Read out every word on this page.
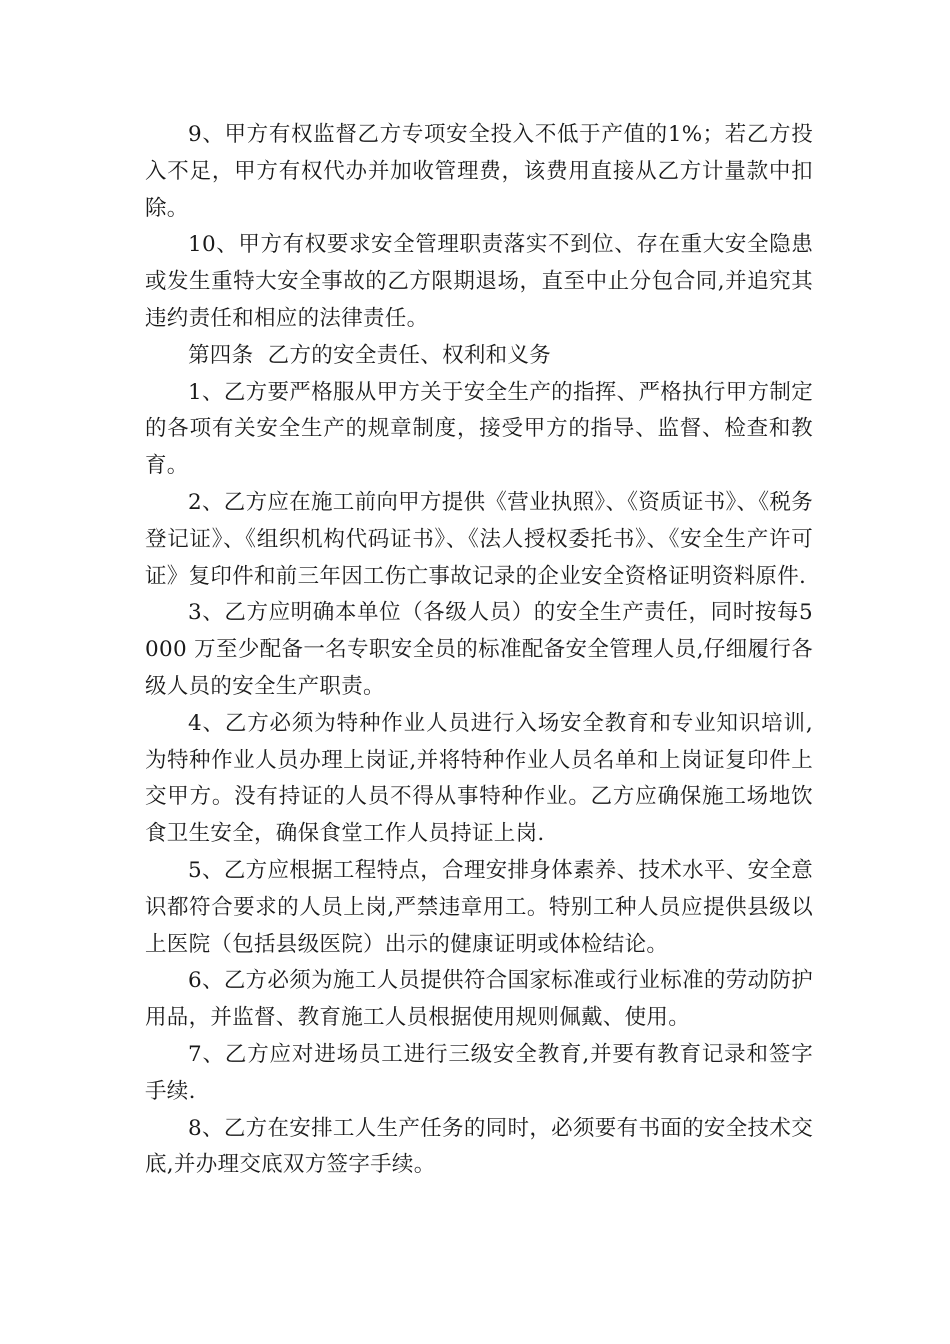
9、甲方有权监督乙方专项安全投入不低于产值的1%；若乙方投入不足，甲方有权代办并加收管理费，该费用直接从乙方计量款中扣除。

10、甲方有权要求安全管理职责落实不到位、存在重大安全隐患或发生重特大安全事故的乙方限期退场，直至中止分包合同,并追究其违约责任和相应的法律责任。

第四条  乙方的安全责任、权利和义务

1、乙方要严格服从甲方关于安全生产的指挥、严格执行甲方制定的各项有关安全生产的规章制度，接受甲方的指导、监督、检查和教育。

2、乙方应在施工前向甲方提供《营业执照》、《资质证书》、《税务登记证》、《组织机构代码证书》、《法人授权委托书》、《安全生产许可证》复印件和前三年因工伤亡事故记录的企业安全资格证明资料原件.

3、乙方应明确本单位（各级人员）的安全生产责任，同时按每5000 万至少配备一名专职安全员的标准配备安全管理人员,仔细履行各级人员的安全生产职责。

4、乙方必须为特种作业人员进行入场安全教育和专业知识培训,为特种作业人员办理上岗证,并将特种作业人员名单和上岗证复印件上交甲方。没有持证的人员不得从事特种作业。乙方应确保施工场地饮食卫生安全，确保食堂工作人员持证上岗.

5、乙方应根据工程特点，合理安排身体素养、技术水平、安全意识都符合要求的人员上岗,严禁违章用工。特别工种人员应提供县级以上医院（包括县级医院）出示的健康证明或体检结论。

6、乙方必须为施工人员提供符合国家标准或行业标准的劳动防护用品，并监督、教育施工人员根据使用规则佩戴、使用。

7、乙方应对进场员工进行三级安全教育,并要有教育记录和签字手续.

8、乙方在安排工人生产任务的同时，必须要有书面的安全技术交底,并办理交底双方签字手续。
